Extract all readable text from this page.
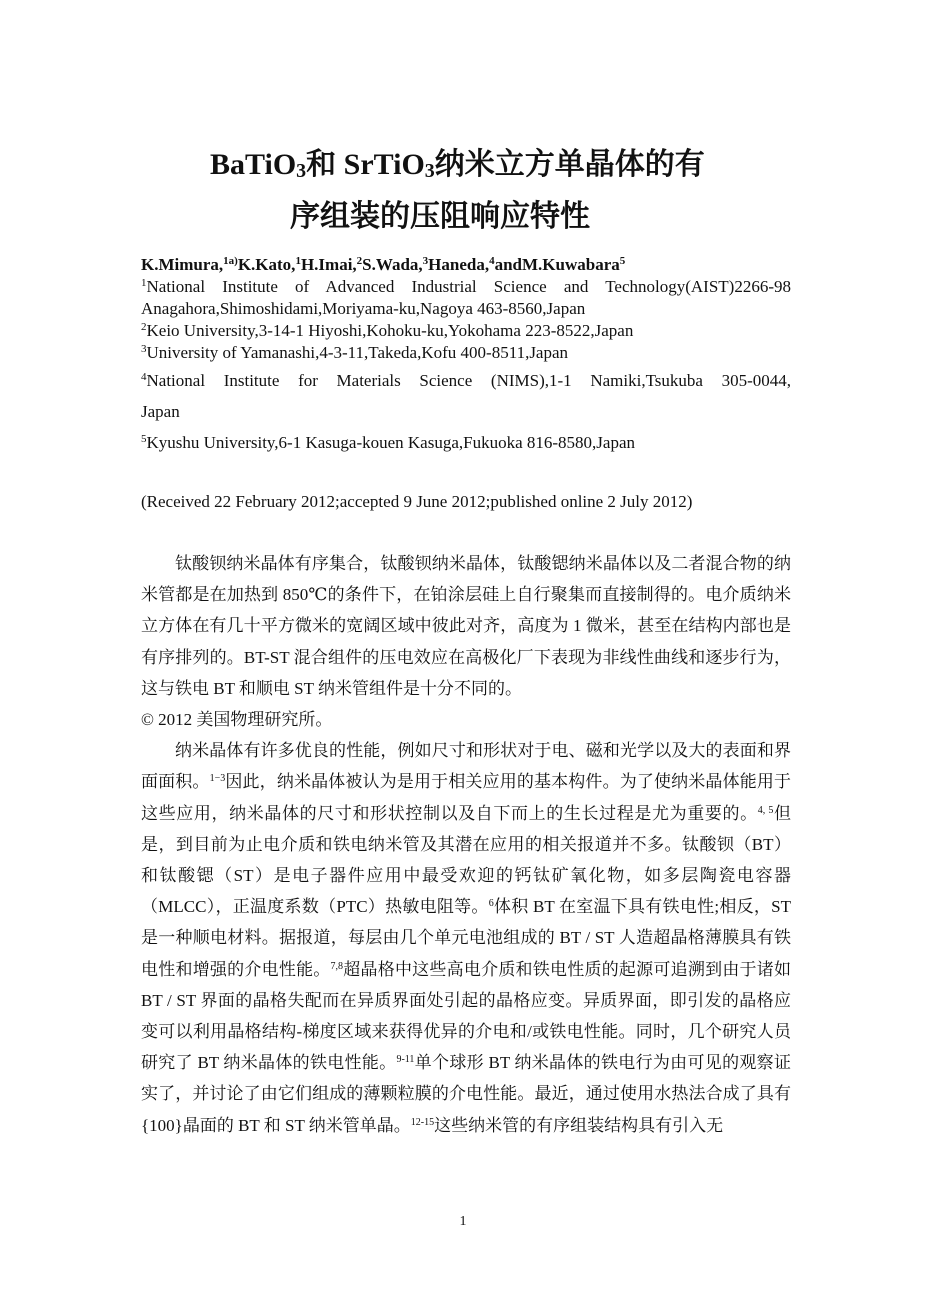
BaTiO$_3$和 SrTiO$_3$纳米立方单晶体的有
序组装的压阻响应特性
K.Mimura,$^{1a)}$K.Kato,$^1$H.Imai,$^2$S.Wada,$^3$Haneda,$^4$andM.Kuwabara$^5$
$^1$National Institute of Advanced Industrial Science and Technology(AIST)2266-98
Anagahora,Shimoshidami,Moriyama-ku,Nagoya 463-8560,Japan
$^2$Keio University,3-14-1 Hiyoshi,Kohoku-ku,Yokohama 223-8522,Japan
$^3$University of Yamanashi,4-3-11,Takeda,Kofu 400-8511,Japan
$^4$National Institute for Materials Science (NIMS),1-1 Namiki,Tsukuba 305-0044,
Japan
$^5$Kyushu University,6-1 Kasuga-kouen Kasuga,Fukuoka 816-8580,Japan
(Received 22 February 2012;accepted 9 June 2012;published online 2 July 2012)

钛酸钡纳米晶体有序集合，钛酸钡纳米晶体，钛酸锶纳米晶体以及二者混合物的纳米管都是在加热到 850℃的条件下，在铂涂层硅上自行聚集而直接制得的。电介质纳米立方体在有几十平方微米的宽阔区域中彼此对齐，高度为 1 微米，甚至在结构内部也是有序排列的。BT-ST 混合组件的压电效应在高极化厂下表现为非线性曲线和逐步行为，这与铁电 BT 和顺电 ST 纳米管组件是十分不同的。

© 2012 美国物理研究所。

纳米晶体有许多优良的性能，例如尺寸和形状对于电、磁和光学以及大的表面和界面面积。$^{1-3}$因此，纳米晶体被认为是用于相关应用的基本构件。为了使纳米晶体能用于这些应用，纳米晶体的尺寸和形状控制以及自下而上的生长过程是尤为重要的。$^{4, 5}$但是，到目前为止电介质和铁电纳米管及其潜在应用的相关报道并不多。钛酸钡（BT）和钛酸锶（ST）是电子器件应用中最受欢迎的钙钛矿氧化物，如多层陶瓷电容器（MLCC），正温度系数（PTC）热敏电阻等。$^6$体积 BT 在室温下具有铁电性;相反，ST 是一种顺电材料。据报道，每层由几个单元电池组成的 BT / ST 人造超晶格薄膜具有铁电性和增强的介电性能。$^{7,8}$超晶格中这些高电介质和铁电性质的起源可追溯到由于诸如 BT / ST 界面的晶格失配而在异质界面处引起的晶格应变。异质界面，即引发的晶格应变可以利用晶格结构-梯度区域来获得优异的介电和/或铁电性能。同时，几个研究人员研究了 BT 纳米晶体的铁电性能。$^{9-11}$单个球形 BT 纳米晶体的铁电行为由可见的观察证实了，并讨论了由它们组成的薄颗粒膜的介电性能。最近，通过使用水热法合成了具有{100}晶面的 BT 和 ST 纳米管单晶。$^{12-15}$这些纳米管的有序组装结构具有引入无

1
